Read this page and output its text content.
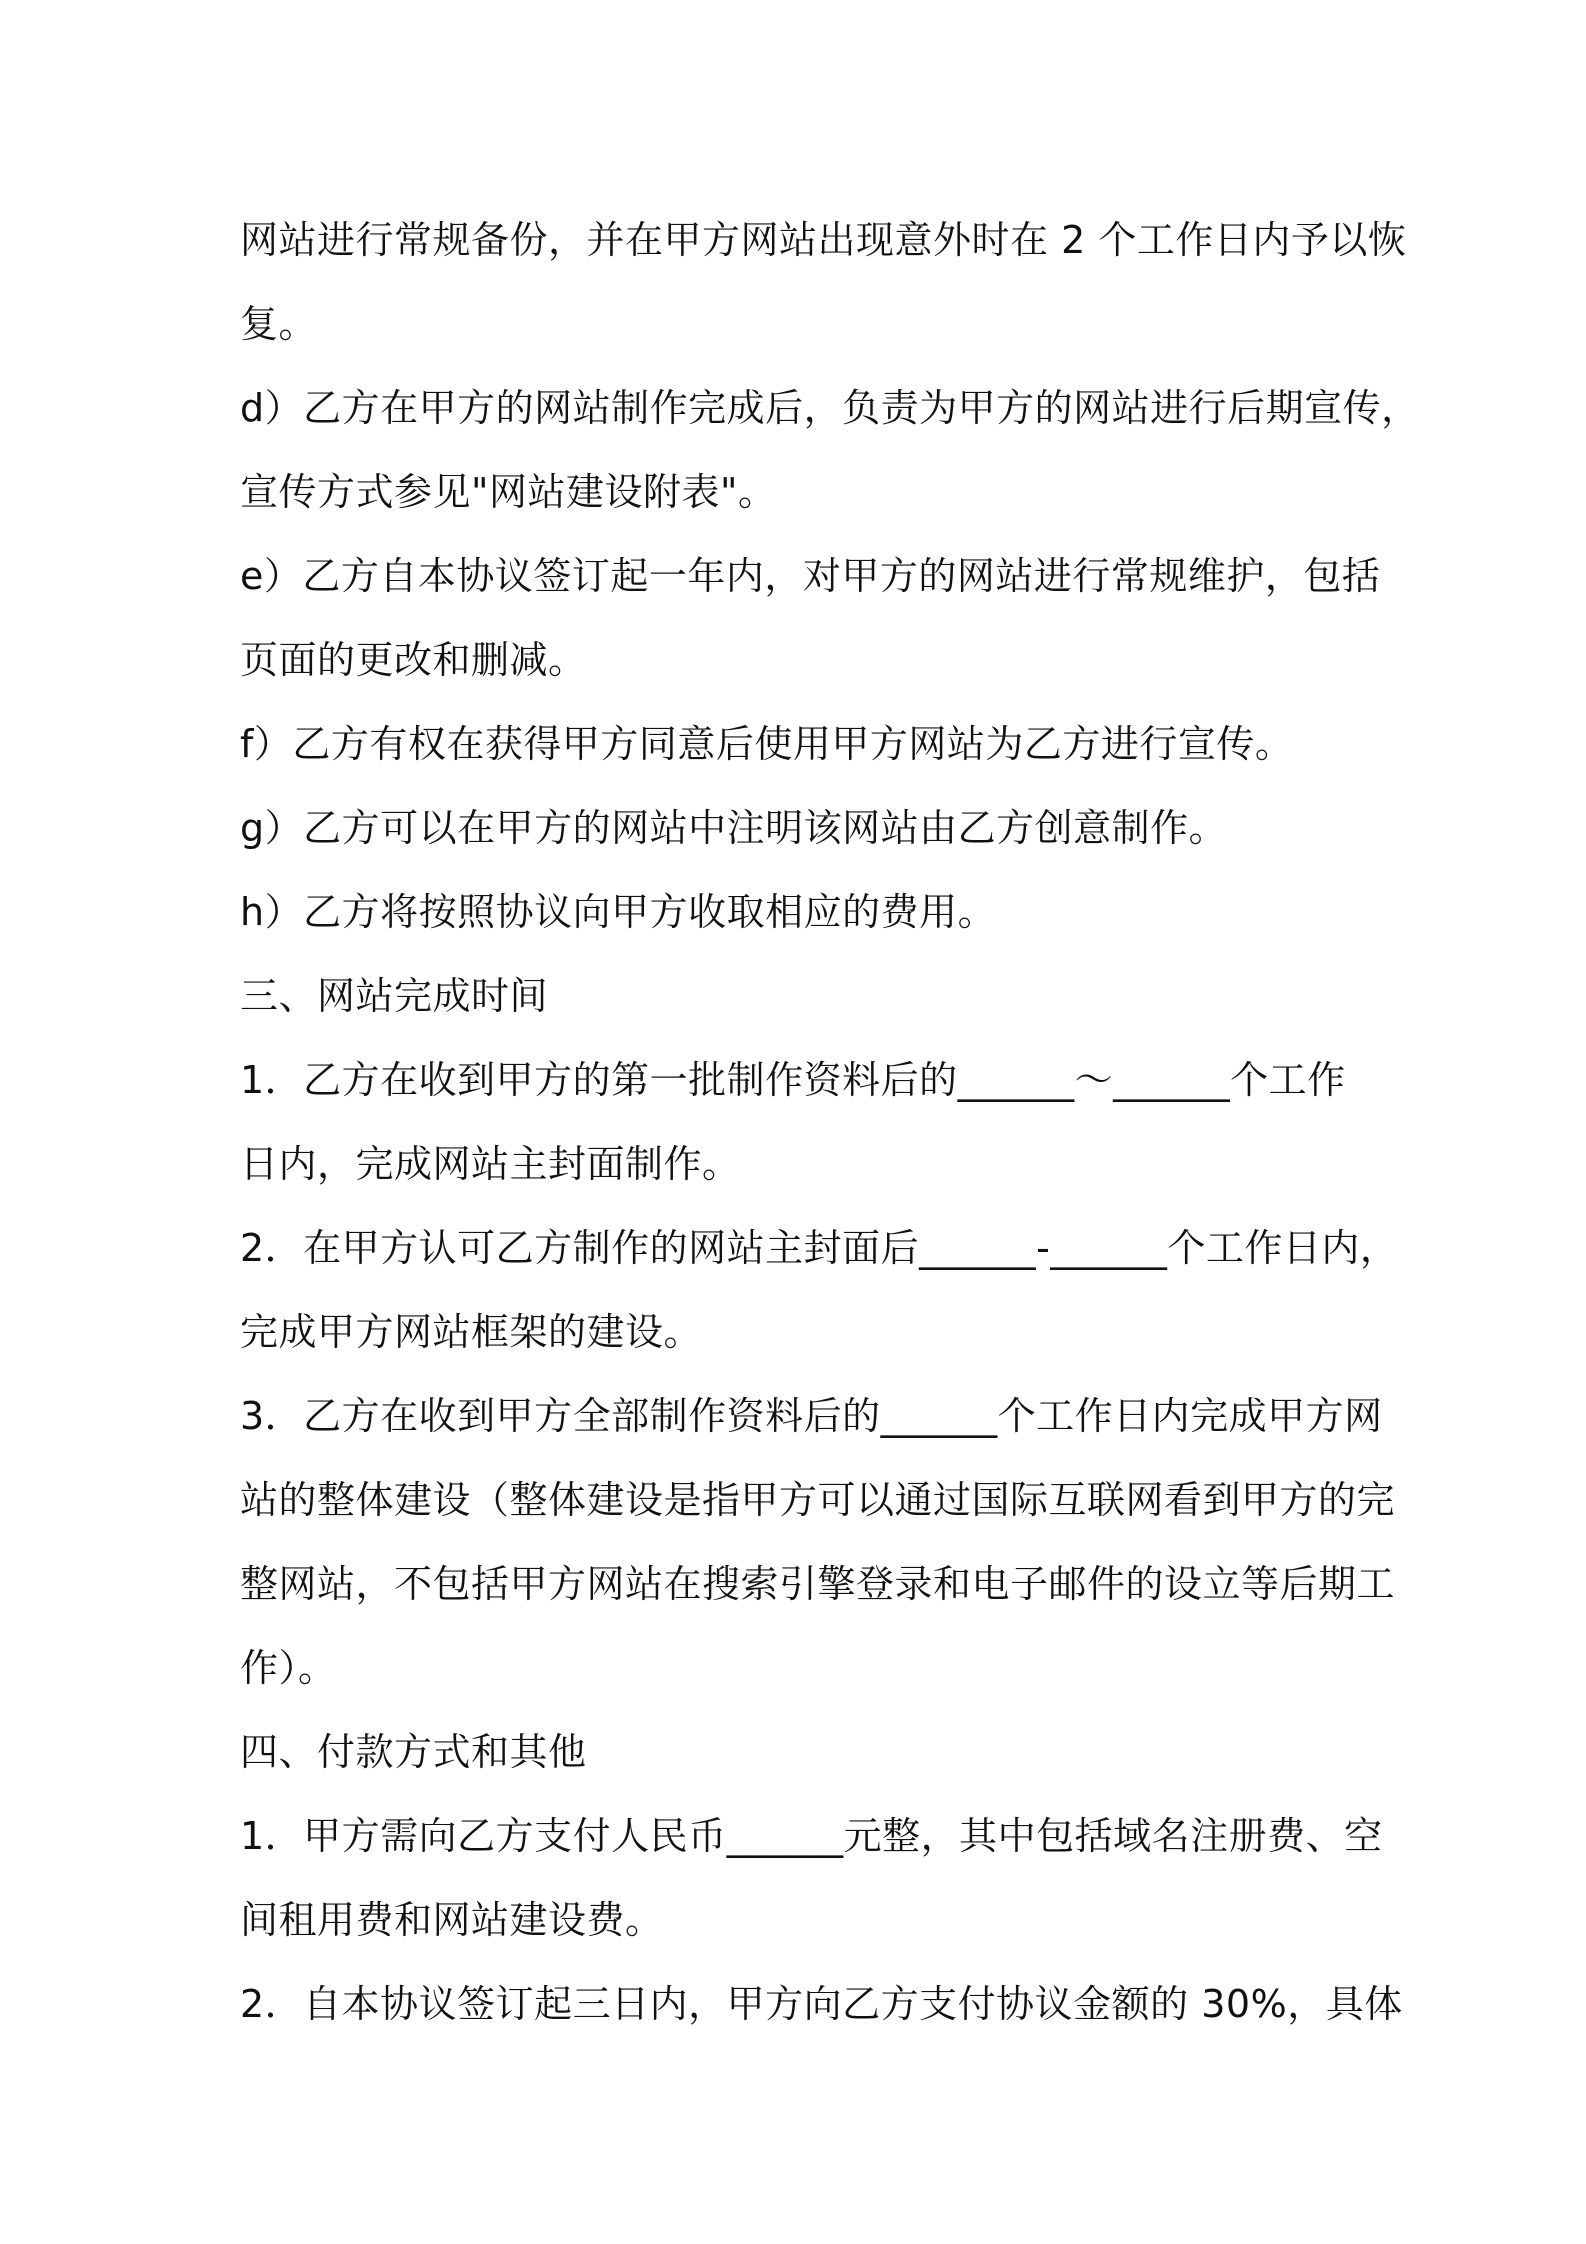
网站进行常规备份，并在甲方网站出现意外时在 2 个工作日内予以恢
复。
d）乙方在甲方的网站制作完成后，负责为甲方的网站进行后期宣传，
宣传方式参见"网站建设附表"。
e）乙方自本协议签订起一年内，对甲方的网站进行常规维护，包括
页面的更改和删减。
f）乙方有权在获得甲方同意后使用甲方网站为乙方进行宣传。
g）乙方可以在甲方的网站中注明该网站由乙方创意制作。
h）乙方将按照协议向甲方收取相应的费用。
三、网站完成时间
1．乙方在收到甲方的第一批制作资料后的______～______个工作
日内，完成网站主封面制作。
2．在甲方认可乙方制作的网站主封面后______-______个工作日内，
完成甲方网站框架的建设。
3．乙方在收到甲方全部制作资料后的______个工作日内完成甲方网
站的整体建设（整体建设是指甲方可以通过国际互联网看到甲方的完
整网站，不包括甲方网站在搜索引擎登录和电子邮件的设立等后期工
作）。
四、付款方式和其他
1．甲方需向乙方支付人民币______元整，其中包括域名注册费、空
间租用费和网站建设费。
2．自本协议签订起三日内，甲方向乙方支付协议金额的 30%，具体
